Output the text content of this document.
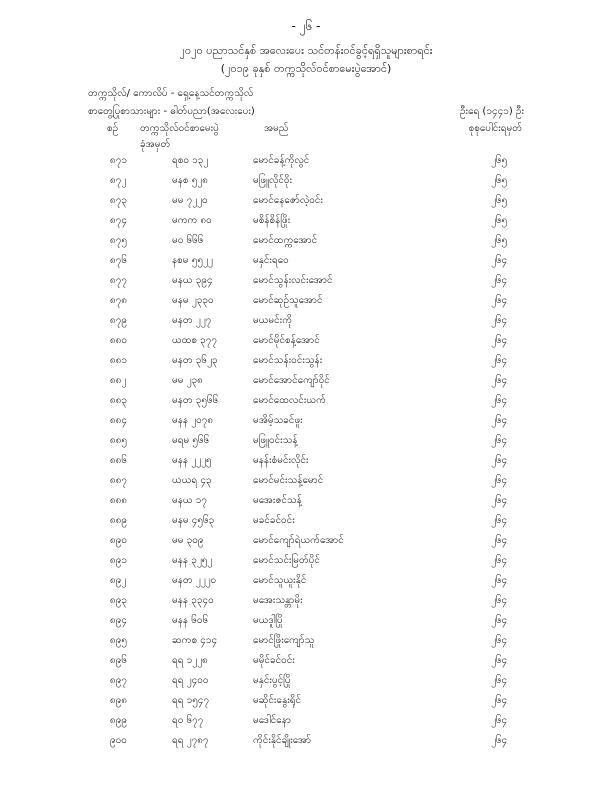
- ၂၆ -
၂၀၂၀ ပညာသင်နှစ် အလေးပေး သင်တန်းဝင်ခွင့်ရရှိသူများစာရင်း
(၂၀၁၉ ခုနှစ် တက္ကသိုလ်ဝင်စာမေးပွဲအောင်)
တက္ကသိုလ်/ ကောလိပ် - ရှေ့နေ့သင်တက္ကသိုလ်
စာတွေ့ပြုစာသားများ - ဓါတ်ပညာ(အလေးပေး)	ဦးရေ (၁၄၄၁) ဦး
စဉ် တက္ကသိုလ်ဝင်စာမေးပွဲ	အမည်	စုစုပေါင်းရမှတ်
ခုံအမှတ်
၈၇၁	ရစ၀ ၁၃၂	မောင်ခန့်ကိုလွင်	၂၆၅
၈၇၂	မနစ ၅၂၈	မဖြူလိုင်ဝိုး	၂၆၅
၈၇၃	မမ ၇၂၂၀	မောင်နေဇော်လဲ့ဝင်း	၂၆၅
၈၇၄	မကက ၈၀	မစိန်စိန်ဖြိုး	၂၆၅
၈၇၅	မဝ ၆၆၆	မောင်ထက္ကအောင်	၂၆၅
၈၇၆	နစမ ၅၅၂၂	မနှင်းရဝေ	၂၆၄
၈၇၇	မနယ ၃၉၄	မောင်သွန်းလင်းအောင်	၂၆၄
၈၇၈	မနမ ၂၃၃၀	မောင်ဆုဉ်သူအောင်	၂၆၄
၈၇၉	မနတ ၂၂၇	မယမင်းကို	၂၆၄
၈၈၀	ယထစ ၃၇၇	မောင်မိုင်စန့်အောင်	၂၆၄
၈၈၁	မနတ ၃၆၂၃	မောင်သန်းဝင်းသွန်း	၂၆၄
၈၈၂	မမ ၂၃၈	မောင်အောင်ကျော်ဝိုင်	၂၆၄
၈၈၃	မနတ ၃၅၆၆	မောင်ထေလင်းယက်	၂၆၄
၈၈၄	မနန ၂၀၇၈	မအိမ့်သခင်ဖူး	၂၆၄
၈၈၅	မရမ ၅၆၆	မဖြူဝင်းသန့်	၂၆၄
၈၈၆	မနန ၂၂၂၅	မနန်းစံမင်းလိုင်း	၂၆၄
၈၈၇	ယယရ ၄၃	မောင်မင်းသန့်မောင်	၂၆၄
၈၈၈	မနယ ၁၇	မအေးဇင်သန့်	၂၆၄
၈၈၉	မနမ ၄၅၆၃	မခင်ခင်ဝင်း	၂၆၄
၈၉၀	မမ ၃၀၉	မောင်ကျော်ရဲယက်အောင်	၂၆၄
၈၉၁	မနန ၃၂၅၂	မောင်သင်းမြတ်ပိုင်	၂၆၄
၈၉၂	မနတ ၂၂၂၀	မောင်သူယူးနိုင်	၂၆၄
၈၉၃	မနန ၃၃၄၀	မအေးသန္တာမိုး	၂၆၄
၈၉၄	မနန ၆၀၆	မယဒူါပြို	၂၆၄
၈၉၅	ဆကစ ၄၁၄	မောင်ဖြိုးကျော်သူ	၂၆၄
၈၉၆	ရရ ၁၂၂၈	မမိုင်ခင်ဝင်း	၂၆၄
၈၉၇	ရရ ၂၄၀၀	မနှင်းပွင့်ပြို	၂၆၄
၈၉၈	ရရ ၁၅၄၇	မဆိုင်းနွေးရိုင်	၂၆၄
၈၉၉	ရ၀ ၆၇၇	မဒေါင်နော	၂၆၄
၉၀၀	ရရ ၂၇၈၇	ကိုင်းနိုင်ချိုးအော်	၂၆၄
